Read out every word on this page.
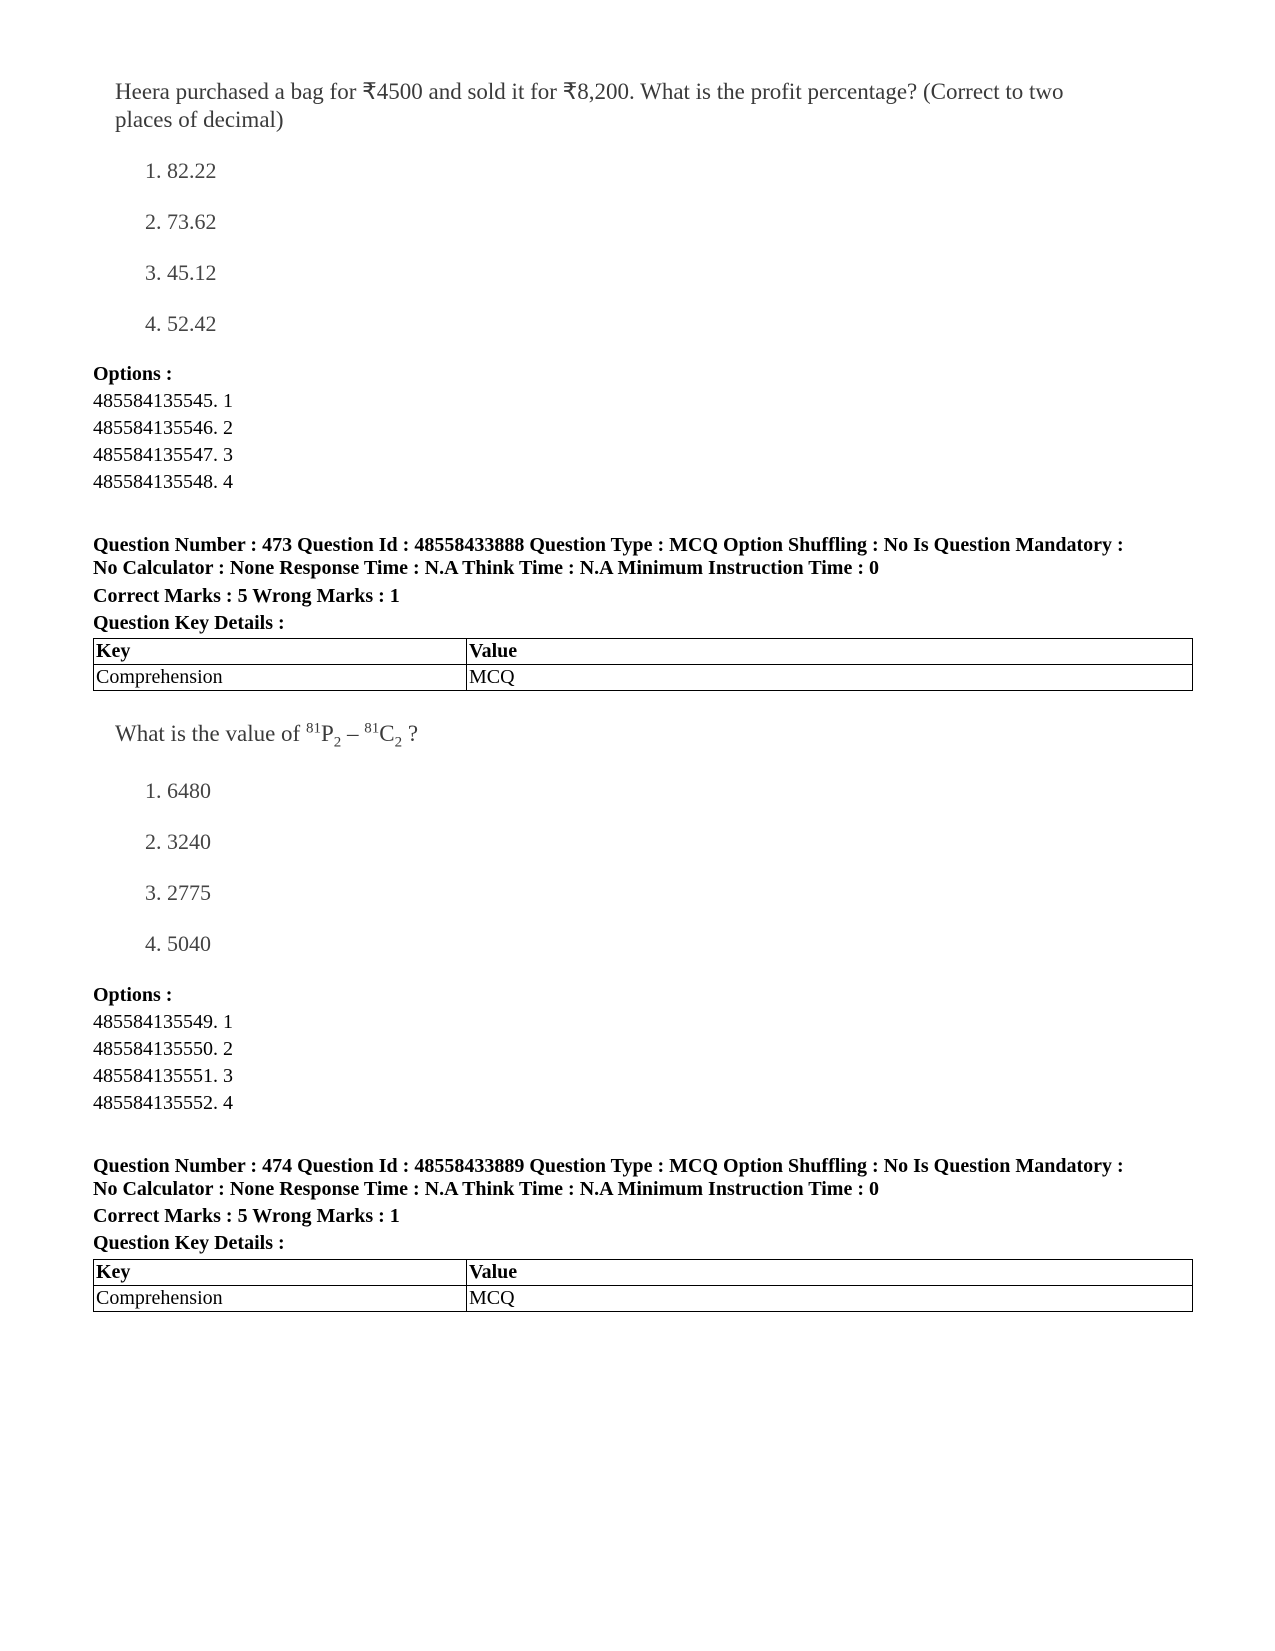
Heera purchased a bag for ₹4500 and sold it for ₹8,200. What is the profit percentage? (Correct to two places of decimal)
1. 82.22
2. 73.62
3. 45.12
4. 52.42
Options :
485584135545. 1
485584135546. 2
485584135547. 3
485584135548. 4
Question Number : 473 Question Id : 48558433888 Question Type : MCQ Option Shuffling : No Is Question Mandatory :
No Calculator : None Response Time : N.A Think Time : N.A Minimum Instruction Time : 0
Correct Marks : 5 Wrong Marks : 1
Question Key Details :
Key	Value
Comprehension	MCQ
What is the value of $^{81}P_2 - ^{81}C_2$ ?
1. 6480
2. 3240
3. 2775
4. 5040
Options :
485584135549. 1
485584135550. 2
485584135551. 3
485584135552. 4
Question Number : 474 Question Id : 48558433889 Question Type : MCQ Option Shuffling : No Is Question Mandatory :
No Calculator : None Response Time : N.A Think Time : N.A Minimum Instruction Time : 0
Correct Marks : 5 Wrong Marks : 1
Question Key Details :
Key	Value
Comprehension	MCQ
